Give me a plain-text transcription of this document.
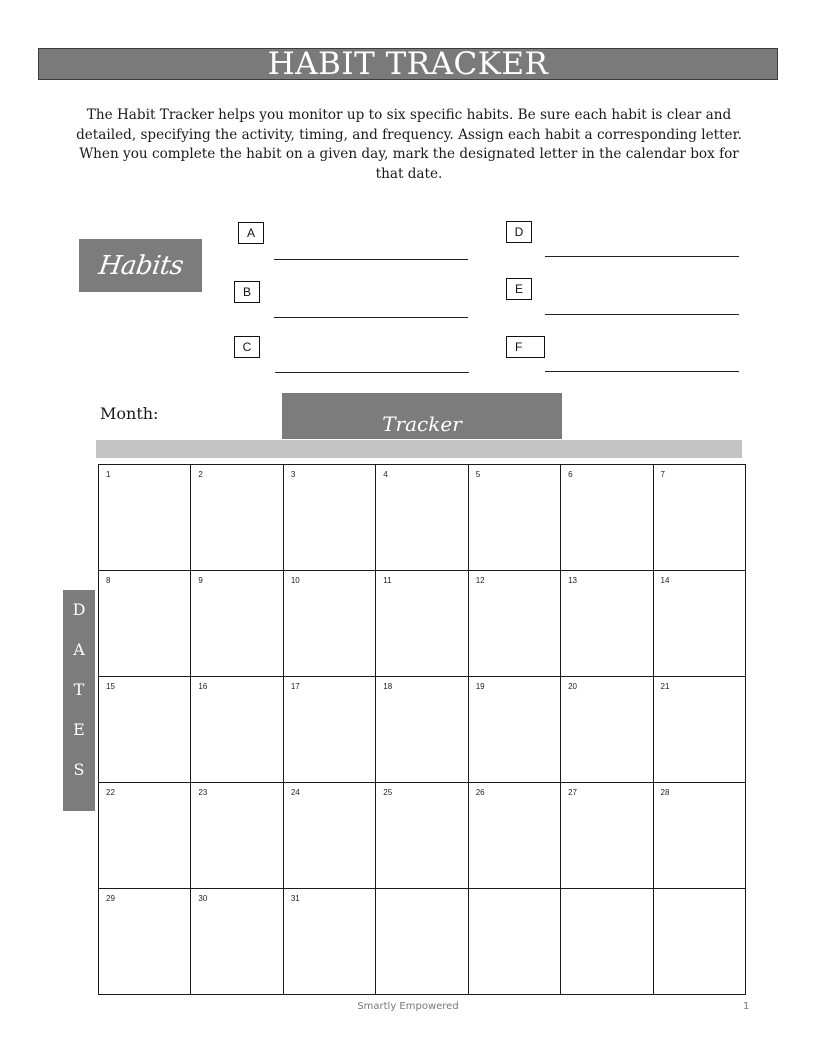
HABIT TRACKER
The Habit Tracker helps you monitor up to six specific habits. Be sure each habit is clear and detailed, specifying the activity, timing, and frequency. Assign each habit a corresponding letter. When you complete the habit on a given day, mark the designated letter in the calendar box for that date.
Habits
A
B
C
D
E
F
Month:	Tracker
D
A
T
E
S
1	2	3	4	5	6	7
8	9	10	11	12	13	14
15	16	17	18	19	20	21
22	23	24	25	26	27	28
29	30	31				
Smartly Empowered	1
